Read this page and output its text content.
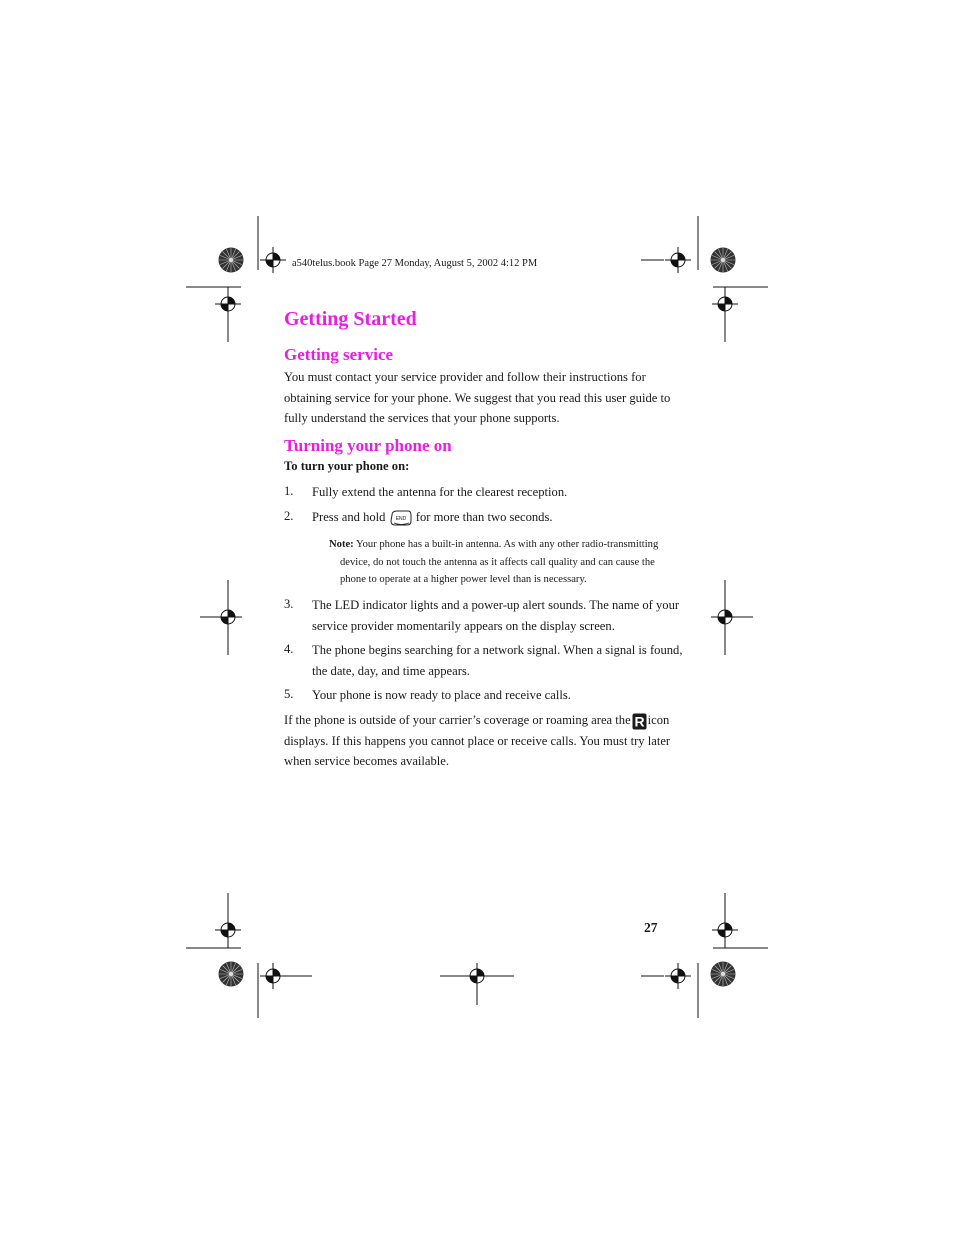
a540telus.book Page 27 Monday, August 5, 2002 4:12 PM
Getting Started
Getting service
You must contact your service provider and follow their instructions for
obtaining service for your phone. We suggest that you read this user guide to
fully understand the services that your phone supports.
Turning your phone on
To turn your phone on:
1. Fully extend the antenna for the clearest reception.
2. Press and hold END for more than two seconds.
Note: Your phone has a built-in antenna. As with any other radio-transmitting
device, do not touch the antenna as it affects call quality and can cause the
phone to operate at a higher power level than is necessary.
3. The LED indicator lights and a power-up alert sounds. The name of your
service provider momentarily appears on the display screen.
4. The phone begins searching for a network signal. When a signal is found,
the date, day, and time appears.
5. Your phone is now ready to place and receive calls.
If the phone is outside of your carrier’s coverage or roaming area the R icon
displays. If this happens you cannot place or receive calls. You must try later
when service becomes available.
27
